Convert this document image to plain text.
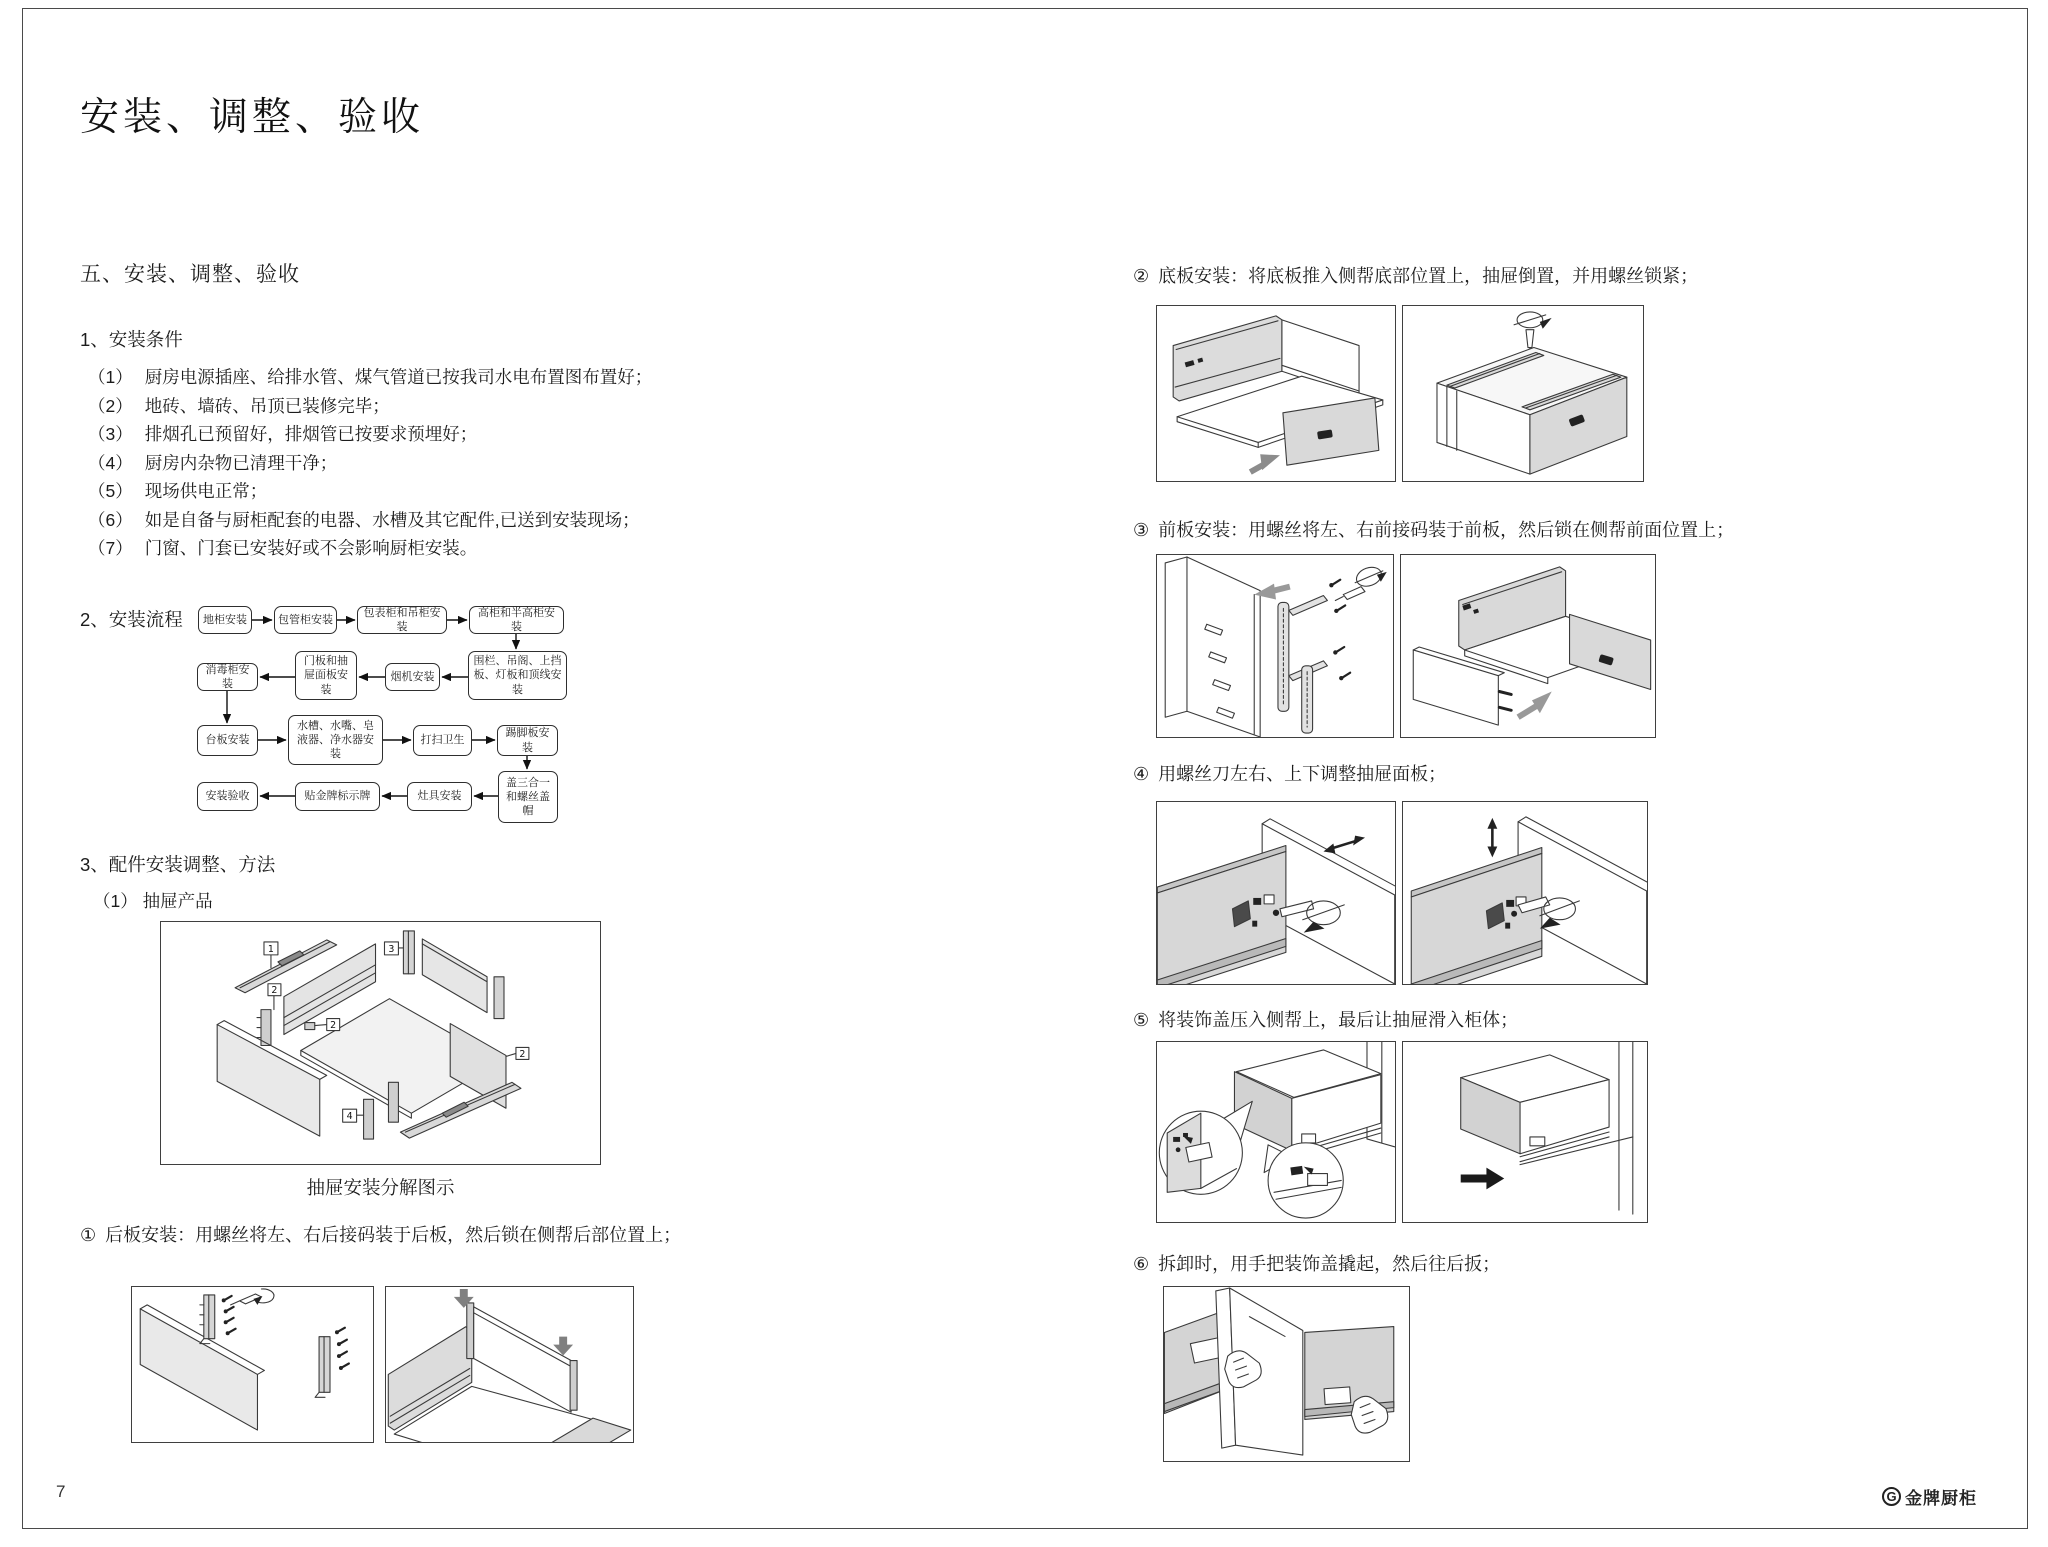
安装、调整、验收
五、安装、调整、验收
1、安装条件
（1） 厨房电源插座、给排水管、煤气管道已按我司水电布置图布置好；
（2） 地砖、墙砖、吊顶已装修完毕；
（3） 排烟孔已预留好，排烟管已按要求预埋好；
（4） 厨房内杂物已清理干净；
（5） 现场供电正常；
（6） 如是自备与厨柜配套的电器、水槽及其它配件,已送到安装现场；
（7） 门窗、门套已安装好或不会影响厨柜安装。
2、安装流程	地柜安装	包管柜安装
包表柜和吊柜安装
高柜和半高柜安装
围栏、吊阁、上挡板、灯板和顶线安装
烟机安装
门板和抽屉面板安装
消毒柜安装
台板安装
水槽、水嘴、皂液器、净水器安装
打扫卫生
踢脚板安装
盖三合一和螺丝盖帽
灶具安装
贴金牌标示牌
安装验收
3、配件安装调整、方法
（1） 抽屉产品
1
2
2
3
2
4
抽屉安装分解图示
① 后板安装：用螺丝将左、右后接码装于后板，然后锁在侧帮后部位置上；
② 底板安装：将底板推入侧帮底部位置上，抽屉倒置，并用螺丝锁紧；
③ 前板安装：用螺丝将左、右前接码装于前板，然后锁在侧帮前面位置上；
④ 用螺丝刀左右、上下调整抽屉面板；
⑤ 将装饰盖压入侧帮上，最后让抽屉滑入柜体；
⑥ 拆卸时，用手把装饰盖撬起，然后往后扳；
7	G 金牌厨柜
